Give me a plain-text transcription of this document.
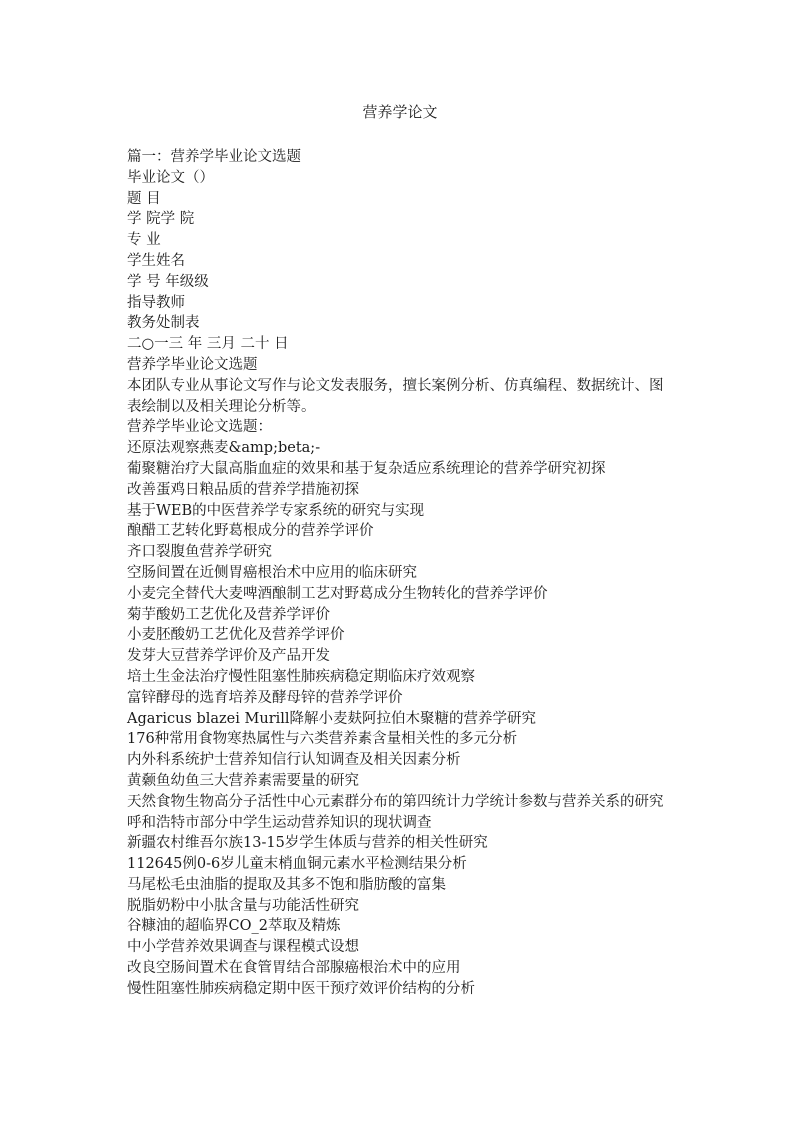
营养学论文
篇一：营养学毕业论文选题
毕业论文（）
题 目
学 院学 院
专 业
学生姓名
学 号 年级级
指导教师
教务处制表
二○一三 年 三月 二十 日
营养学毕业论文选题
本团队专业从事论文写作与论文发表服务，擅长案例分析、仿真编程、数据统计、图表绘制以及相关理论分析等。
营养学毕业论文选题：
还原法观察燕麦&amp;beta;-
葡聚糖治疗大鼠高脂血症的效果和基于复杂适应系统理论的营养学研究初探
改善蛋鸡日粮品质的营养学措施初探
基于WEB的中医营养学专家系统的研究与实现
酿醋工艺转化野葛根成分的营养学评价
齐口裂腹鱼营养学研究
空肠间置在近侧胃癌根治术中应用的临床研究
小麦完全替代大麦啤酒酿制工艺对野葛成分生物转化的营养学评价
菊芋酸奶工艺优化及营养学评价
小麦胚酸奶工艺优化及营养学评价
发芽大豆营养学评价及产品开发
培土生金法治疗慢性阻塞性肺疾病稳定期临床疗效观察
富锌酵母的选育培养及酵母锌的营养学评价
Agaricus blazei Murill降解小麦麸阿拉伯木聚糖的营养学研究
176种常用食物寒热属性与六类营养素含量相关性的多元分析
内外科系统护士营养知信行认知调查及相关因素分析
黄颡鱼幼鱼三大营养素需要量的研究
天然食物生物高分子活性中心元素群分布的第四统计力学统计参数与营养关系的研究
呼和浩特市部分中学生运动营养知识的现状调查
新疆农村维吾尔族13-15岁学生体质与营养的相关性研究
112645例0-6岁儿童末梢血铜元素水平检测结果分析
马尾松毛虫油脂的提取及其多不饱和脂肪酸的富集
脱脂奶粉中小肽含量与功能活性研究
谷糠油的超临界CO_2萃取及精炼
中小学营养效果调查与课程模式设想
改良空肠间置术在食管胃结合部腺癌根治术中的应用
慢性阻塞性肺疾病稳定期中医干预疗效评价结构的分析
